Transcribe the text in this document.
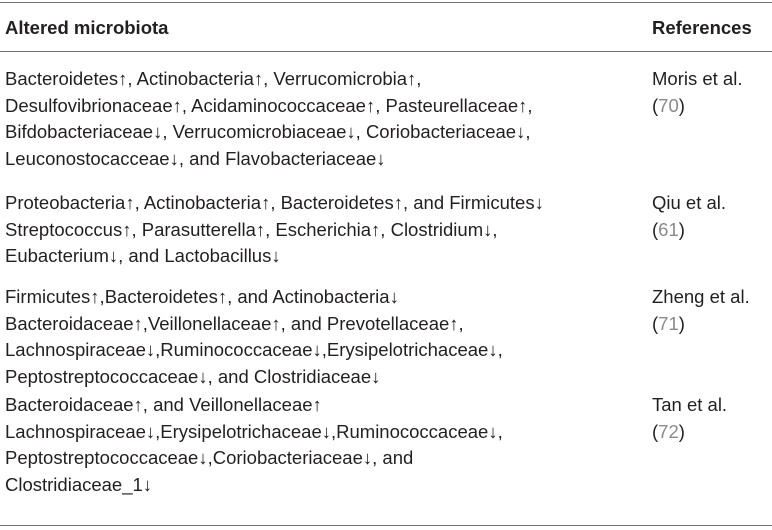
Altered microbiota	References
Bacteroidetes↑, Actinobacteria↑, Verrucomicrobia↑,
Desulfovibrionaceae↑, Acidaminococcaceae↑, Pasteurellaceae↑,
Bifdobacteriaceae↓, Verrucomicrobiaceae↓, Coriobacteriaceae↓,
Leuconostocacceae↓, and Flavobacteriaceae↓
Moris et al.
(70)
Proteobacteria↑, Actinobacteria↑, Bacteroidetes↑, and Firmicutes↓
Streptococcus↑, Parasutterella↑, Escherichia↑, Clostridium↓,
Eubacterium↓, and Lactobacillus↓
Qiu et al.
(61)
Firmicutes↑,Bacteroidetes↑, and Actinobacteria↓
Bacteroidaceae↑,Veillonellaceae↑, and Prevotellaceae↑,
Lachnospiraceae↓,Ruminococcaceae↓,Erysipelotrichaceae↓,
Peptostreptococcaceae↓, and Clostridiaceae↓
Zheng et al.
(71)
Bacteroidaceae↑, and Veillonellaceae↑
Lachnospiraceae↓,Erysipelotrichaceae↓,Ruminococcaceae↓,
Peptostreptococcaceae↓,Coriobacteriaceae↓, and
Clostridiaceae_1↓
Tan et al.
(72)
